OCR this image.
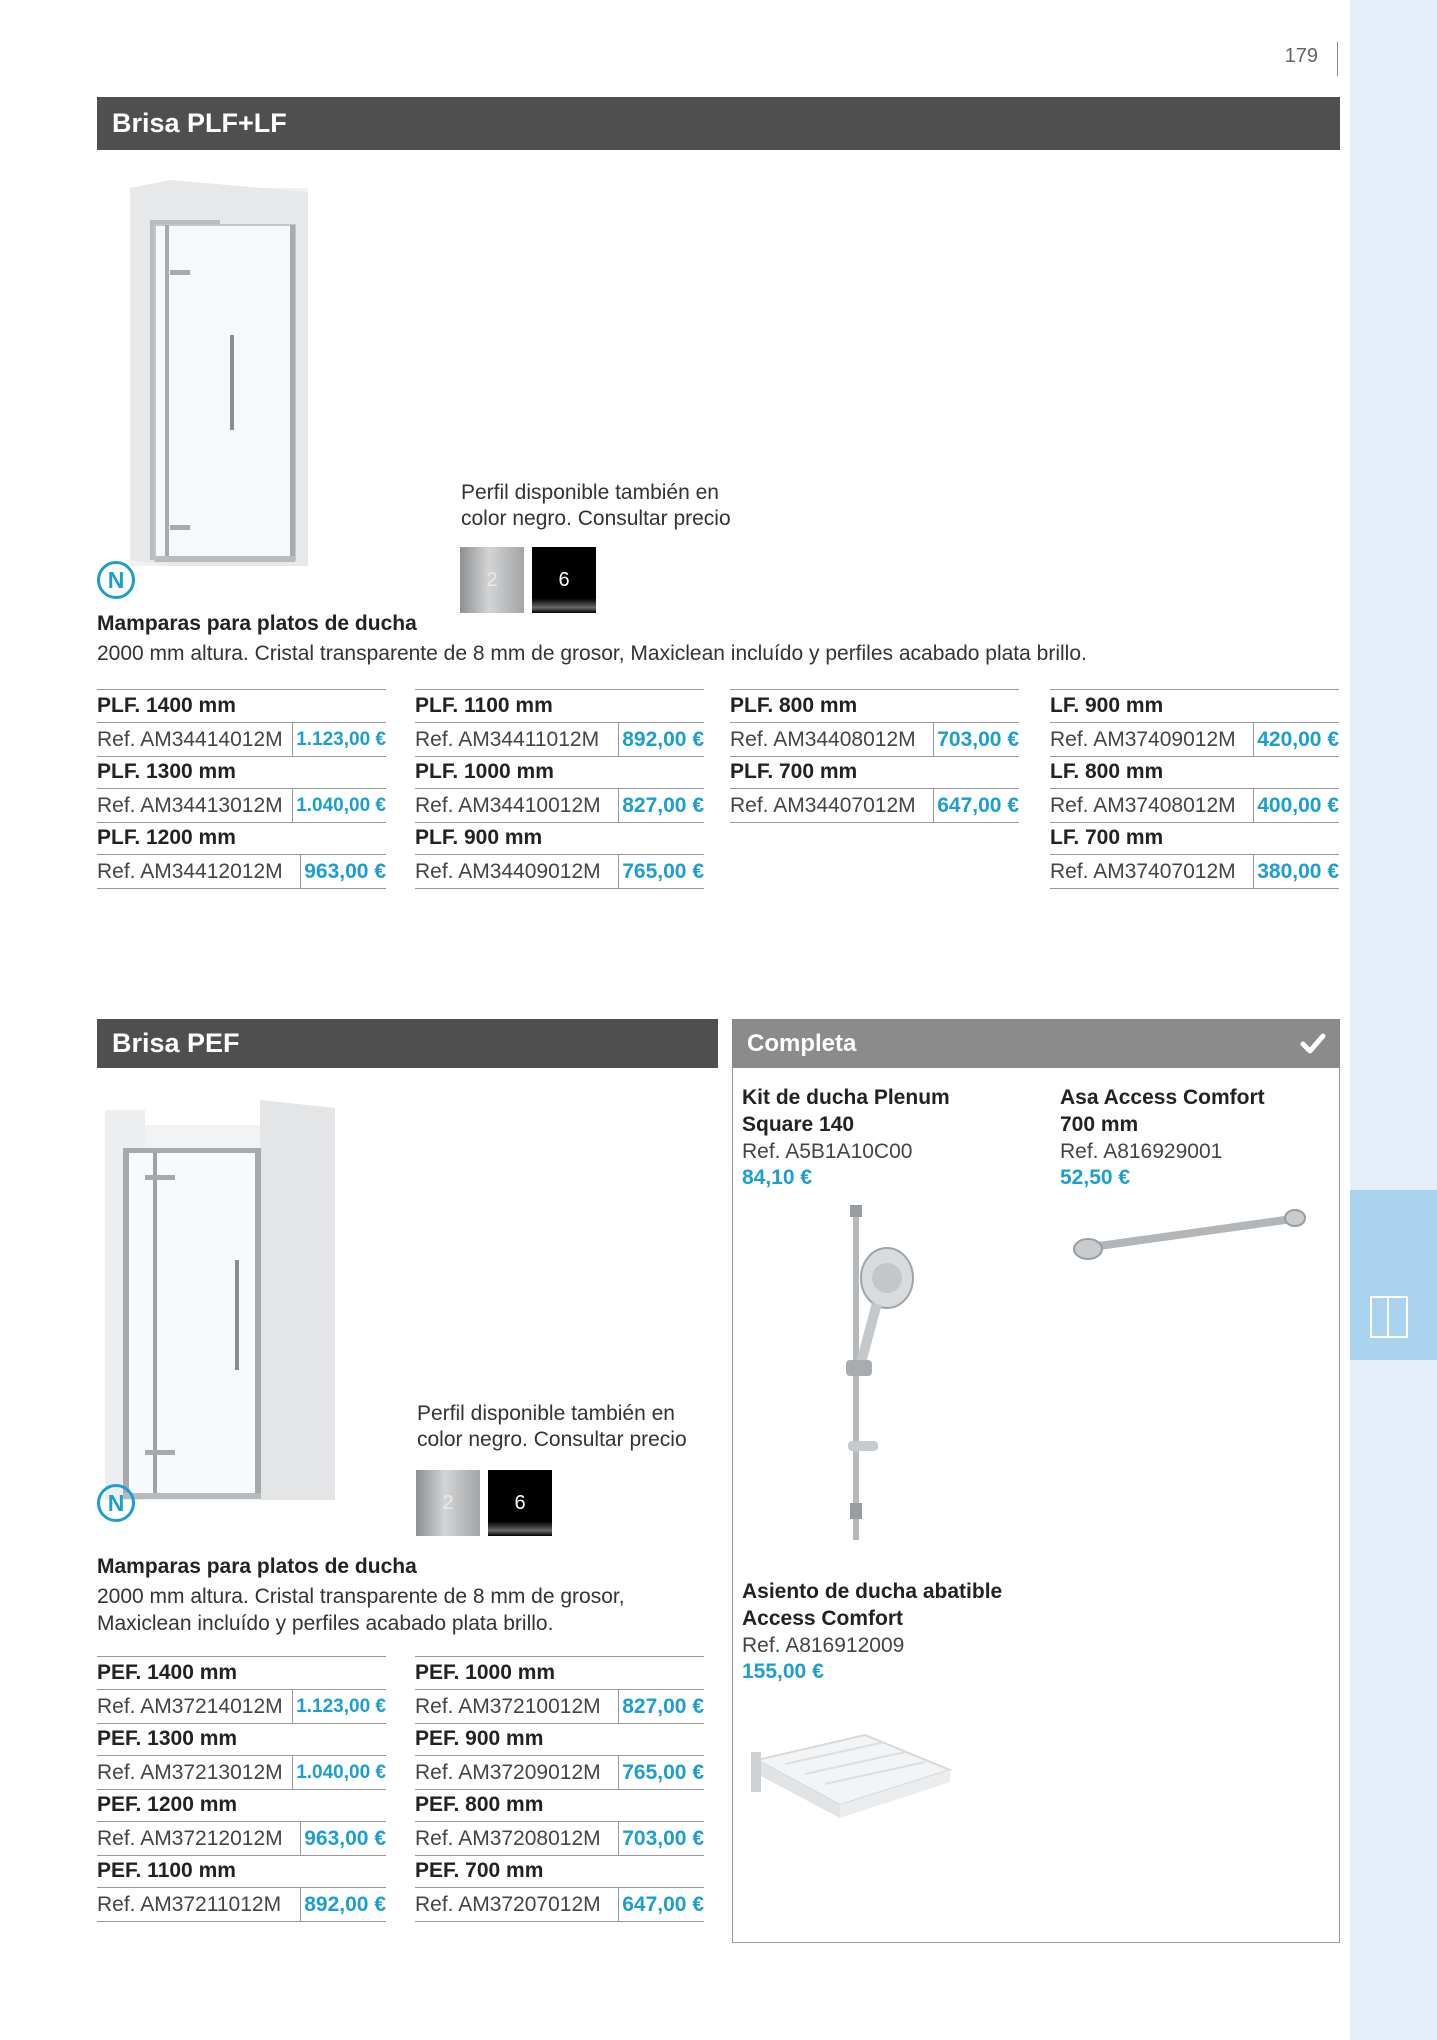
179
Brisa PLF+LF
N
Perfil disponible también en
color negro. Consultar precio
2	6
Mamparas para platos de ducha
2000 mm altura. Cristal transparente de 8 mm de grosor, Maxiclean incluído y perfiles acabado plata brillo.
PLF. 1400 mm
Ref. AM34414012M 1.123,00 €
PLF. 1300 mm
Ref. AM34413012M 1.040,00 €
PLF. 1200 mm
Ref. AM34412012M	963,00 €
PLF. 1100 mm
Ref. AM34411012M	892,00 €
PLF. 1000 mm
Ref. AM34410012M	827,00 €
PLF. 900 mm
Ref. AM34409012M	765,00 €
PLF. 800 mm
Ref. AM34408012M	703,00 €
PLF. 700 mm
Ref. AM34407012M	647,00 €
LF. 900 mm
Ref. AM37409012M	420,00 €
LF. 800 mm
Ref. AM37408012M	400,00 €
LF. 700 mm
Ref. AM37407012M	380,00 €
Brisa PEF
N
Perfil disponible también en
color negro. Consultar precio
2	6
Mamparas para platos de ducha
2000 mm altura. Cristal transparente de 8 mm de grosor,
Maxiclean incluído y perfiles acabado plata brillo.
PEF. 1400 mm
Ref. AM37214012M 1.123,00 €
PEF. 1300 mm
Ref. AM37213012M 1.040,00 €
PEF. 1200 mm
Ref. AM37212012M	963,00 €
PEF. 1100 mm
Ref. AM37211012M	892,00 €
PEF. 1000 mm
Ref. AM37210012M	827,00 €
PEF. 900 mm
Ref. AM37209012M	765,00 €
PEF. 800 mm
Ref. AM37208012M	703,00 €
PEF. 700 mm
Ref. AM37207012M	647,00 €
Completa
Kit de ducha Plenum
Square 140
Ref. A5B1A10C00
84,10 €
Asa Access Comfort
700 mm
Ref. A816929001
52,50 €
Asiento de ducha abatible
Access Comfort
Ref. A816912009
155,00 €
